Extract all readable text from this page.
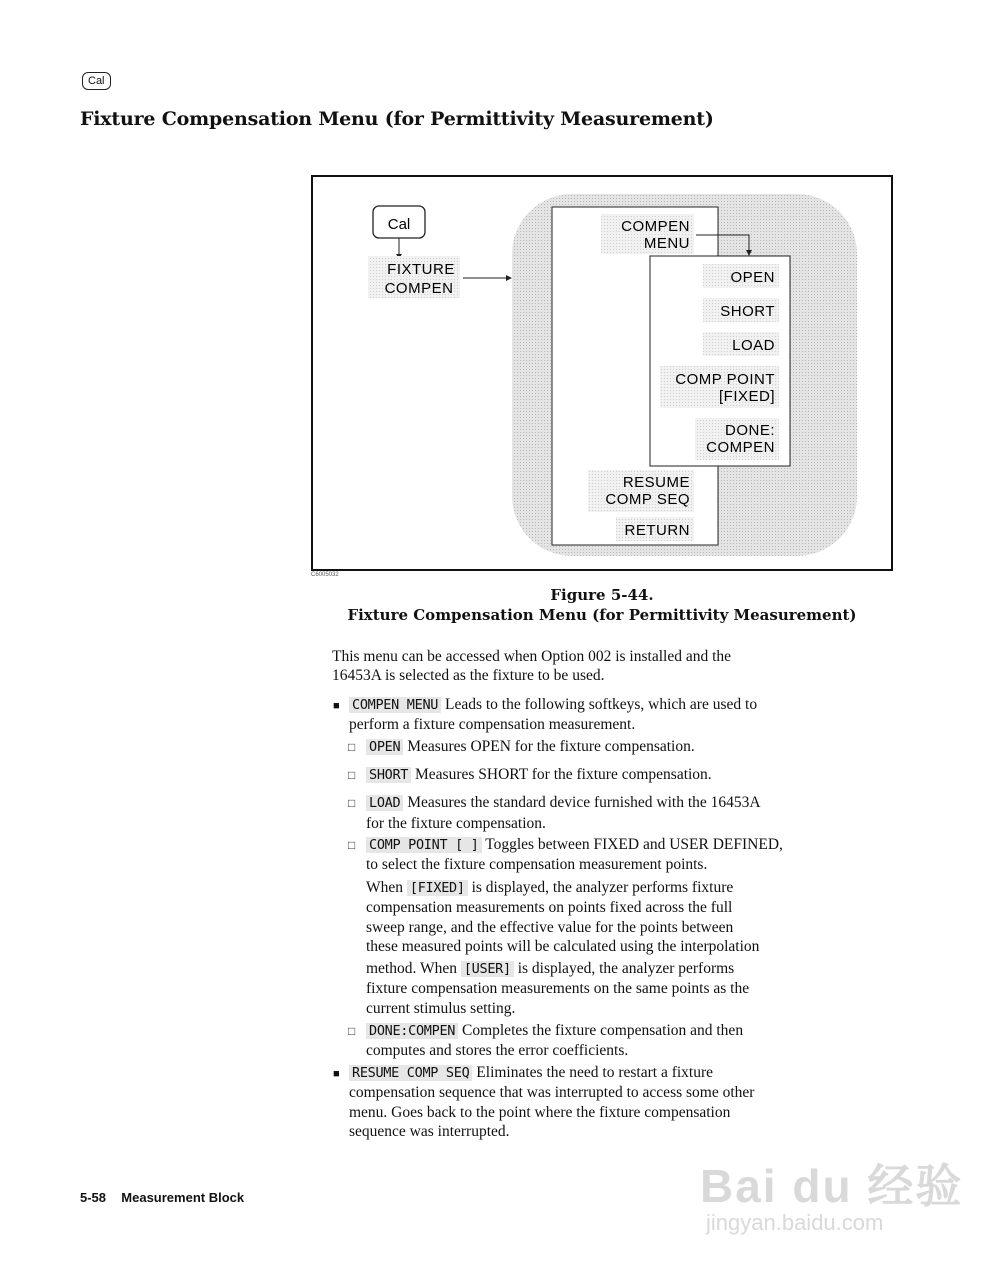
Cal
Fixture Compensation Menu (for Permittivity Measurement)
Cal
FIXTURE
COMPEN
COMPEN
MENU
OPEN
SHORT
LOAD
COMP POINT
[FIXED]
DONE:
COMPEN
RESUME
COMP SEQ
RETURN
C6005032
Figure 5-44.
Fixture Compensation Menu (for Permittivity Measurement)
This menu can be accessed when Option 002 is installed and the
16453A is selected as the fixture to be used.
■ COMPEN MENU Leads to the following softkeys, which are used to
perform a fixture compensation measurement.
□ OPEN Measures OPEN for the fixture compensation.
□ SHORT Measures SHORT for the fixture compensation.
□ LOAD Measures the standard device furnished with the 16453A
for the fixture compensation.
□ COMP POINT [ ] Toggles between FIXED and USER DEFINED,
to select the fixture compensation measurement points.
When [FIXED] is displayed, the analyzer performs fixture
compensation measurements on points fixed across the full
sweep range, and the effective value for the points between
these measured points will be calculated using the interpolation
method. When [USER] is displayed, the analyzer performs
fixture compensation measurements on the same points as the
current stimulus setting.
□ DONE:COMPEN Completes the fixture compensation and then
computes and stores the error coefficients.
■ RESUME COMP SEQ Eliminates the need to restart a fixture
compensation sequence that was interrupted to access some other
menu. Goes back to the point where the fixture compensation
sequence was interrupted.
5-58 Measurement Block	Bai du 经验
jingyan.baidu.com
